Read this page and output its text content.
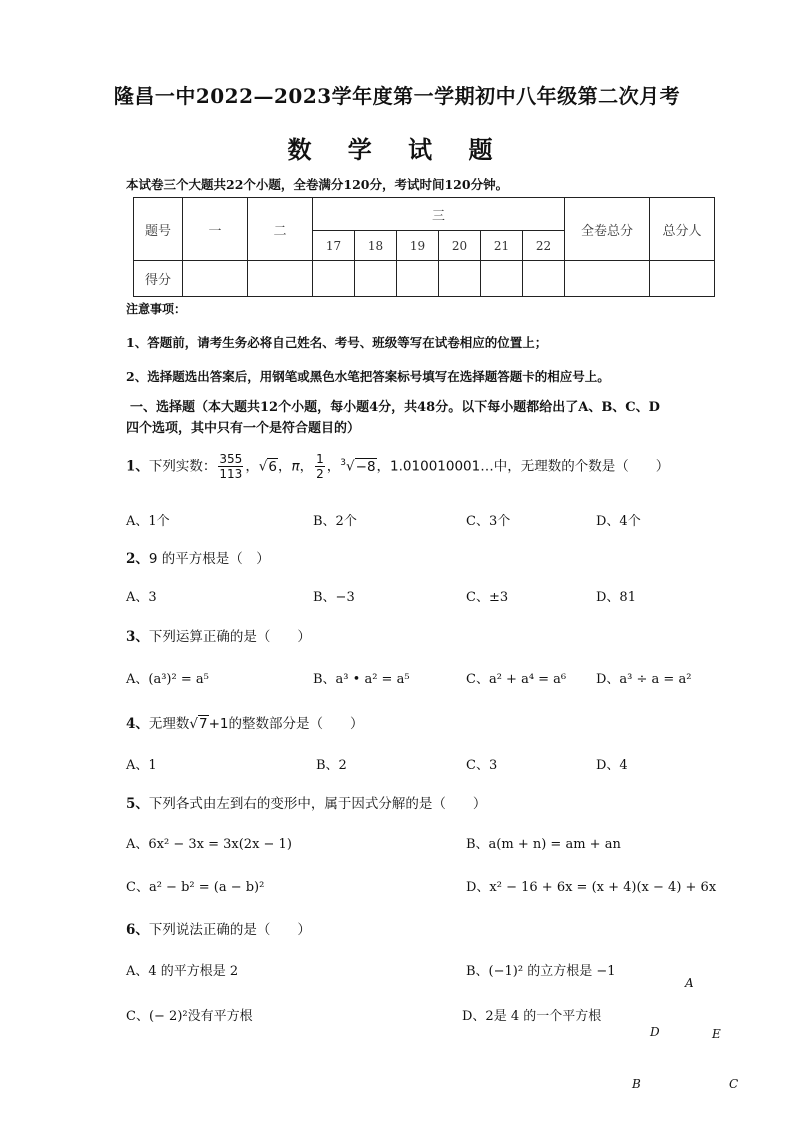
隆昌一中2022—2023学年度第一学期初中八年级第二次月考
数 学 试 题
本试卷三个大题共22个小题，全卷满分120分，考试时间120分钟。
题号	一	二	三						全卷总分	总分人
			17	18	19	20	21	22		
得分										
注意事项：
1、答题前，请考生务必将自己姓名、考号、班级等写在试卷相应的位置上；
2、选择题选出答案后，用钢笔或黑色水笔把答案标号填写在选择题答题卡的相应号上。
一、选择题（本大题共12个小题，每小题4分，共48分。以下每小题都给出了A、B、C、D
四个选项，其中只有一个是符合题目的）
1、下列实数： $\frac{355}{113}$ ，√6，π， $\frac{1}{2}$ ，$^3$√−8，1.010010001…中，无理数的个数是（　　）
A、1个	B、2个	C、3个	D、4个
2、9 的平方根是（　）
A、3	B、−3	C、±3	D、81
3、下列运算正确的是（　　）
A、(a³)² = a⁵	B、a³ • a² = a⁵	C、a² + a⁴ = a⁶ D、a³ ÷ a = a²
4、无理数√7+1的整数部分是（　　）
A、1	B、2	C、3	D、4
5、下列各式由左到右的变形中，属于因式分解的是（　　）
A、6x² − 3x = 3x(2x − 1)	B、a(m + n) = am + an
C、a² − b² = (a − b)²	D、x² − 16 + 6x = (x + 4)(x − 4) + 6x
6、下列说法正确的是（　　）
A、4 的平方根是 2	B、(−1)² 的立方根是 −1
C、(− 2)²没有平方根	D、2是 4 的一个平方根
A
D	E
B	C
